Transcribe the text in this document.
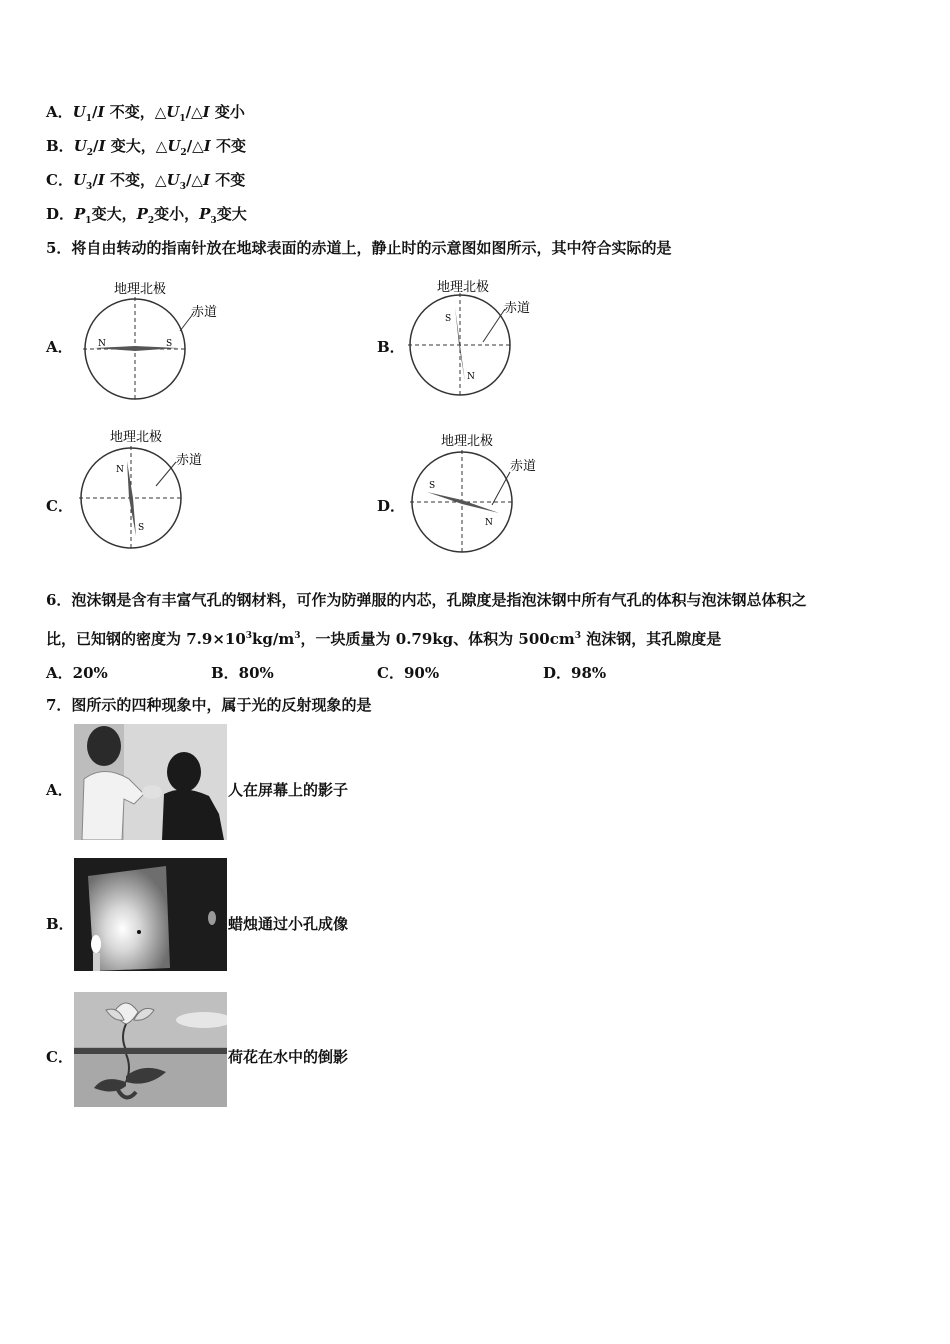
A．$U_1/I$ 不变，$\triangle U_1/\triangle I$ 变小
B．$U_2/I$ 变大，$\triangle U_2/\triangle I$ 不变
C．$U_3/I$ 不变，$\triangle U_3/\triangle I$ 不变
D．$P_1$变大，$P_2$变小，$P_3$变大
5．将自由转动的指南针放在地球表面的赤道上，静止时的示意图如图所示，其中符合实际的是
A．
地理北极
赤道
N	S	B．
地理北极
赤道
S
N
C．
地理北极
赤道
N
S
D．
地理北极
赤道
S
N
6．泡沫钢是含有丰富气孔的钢材料，可作为防弹服的内芯，孔隙度是指泡沫钢中所有气孔的体积与泡沫钢总体积之
比，已知钢的密度为 $7.9\times 10^3kg/m^3$，一块质量为 0.79kg、体积为 $500cm^3$ 泡沫钢，其孔隙度是
A．20%	B．80%	C．90%	D．98%
7．图所示的四种现象中，属于光的反射现象的是
A．	人在屏幕上的影子
B．	蜡烛通过小孔成像
C．	荷花在水中的倒影
